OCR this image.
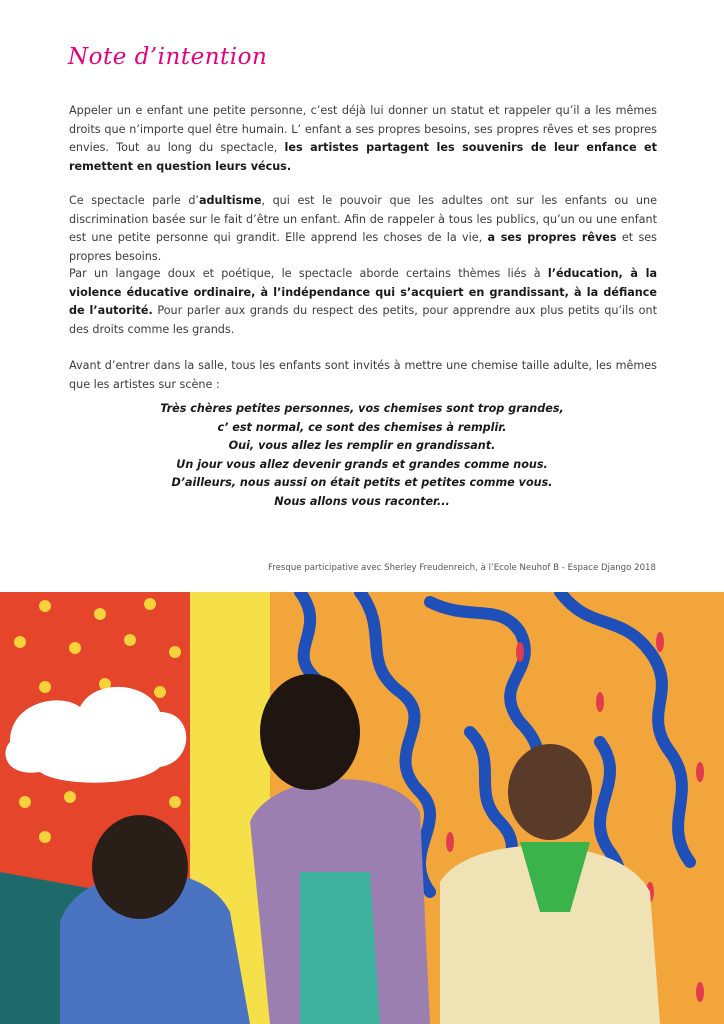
Note d’intention

Appeler un e enfant une petite personne, c’est déjà lui donner un statut et rappeler qu’il a les mêmes droits que n’importe quel être humain. L’ enfant a ses propres besoins, ses propres rêves et ses propres envies. Tout au long du spectacle, les artistes partagent les souvenirs de leur enfance et remettent en question leurs vécus.

Ce spectacle parle d’adultisme, qui est le pouvoir que les adultes ont sur les enfants ou une discrimination basée sur le fait d’être un enfant. Afin de rappeler à tous les publics, qu’un ou une enfant est une petite personne qui grandit. Elle apprend les choses de la vie, a ses propres rêves et ses propres besoins.

Par un langage doux et poétique, le spectacle aborde certains thèmes liés à l’éducation, à la violence éducative ordinaire, à l’indépendance qui s’acquiert en grandissant, à la défiance de l’autorité. Pour parler aux grands du respect des petits, pour apprendre aux plus petits qu’ils ont des droits comme les grands.

Avant d’entrer dans la salle, tous les enfants sont invités à mettre une chemise taille adulte, les mêmes que les artistes sur scène :

Très chères petites personnes, vos chemises sont trop grandes,
c’ est normal, ce sont des chemises à remplir.
Oui, vous allez les remplir en grandissant.
Un jour vous allez devenir grands et grandes comme nous.
D’ailleurs, nous aussi on était petits et petites comme vous.
Nous allons vous raconter...
Fresque participative avec Sherley Freudenreich, à l’Ecole Neuhof B - Espace Django 2018
